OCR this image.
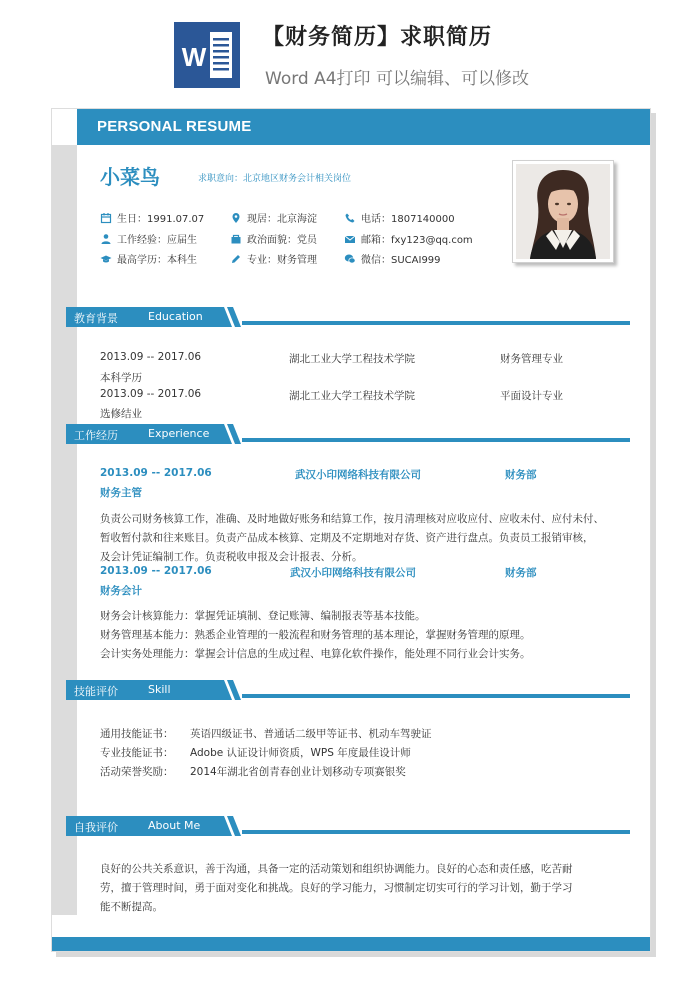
W
【财务简历】求职简历
Word A4打印 可以编辑、可以修改
PERSONAL RESUME
小菜鸟	求职意向：北京地区财务会计相关岗位
生日：1991.07.07	现居：北京海淀	电话：1807140000
工作经验：应届生	政治面貌：党员	邮箱：fxy123@qq.com
最高学历：本科生	专业：财务管理	微信：SUCAI999
教育背景	Education
2013.09 -- 2017.06	湖北工业大学工程技术学院	财务管理专业
本科学历
2013.09 -- 2017.06	湖北工业大学工程技术学院	平面设计专业
选修结业
工作经历	Experience
2013.09 -- 2017.06	武汉小印网络科技有限公司	财务部
财务主管
负责公司财务核算工作，准确、及时地做好账务和结算工作，按月清理核对应收应付、应收未付、应付未付、
暂收暂付款和往来账目。负责产品成本核算、定期及不定期地对存货、资产进行盘点。负责员工报销审核，
及会计凭证编制工作。负责税收申报及会计报表、分析。
2013.09 -- 2017.06	武汉小印网络科技有限公司	财务部
财务会计
财务会计核算能力：掌握凭证填制、登记账簿、编制报表等基本技能。
财务管理基本能力：熟悉企业管理的一般流程和财务管理的基本理论，掌握财务管理的原理。
会计实务处理能力：掌握会计信息的生成过程、电算化软件操作，能处理不同行业会计实务。
技能评价	Skill
通用技能证书： 英语四级证书、普通话二级甲等证书、机动车驾驶证
专业技能证书： Adobe 认证设计师资质，WPS 年度最佳设计师
活动荣誉奖励： 2014年湖北省创青春创业计划移动专项赛银奖
自我评价	About Me
良好的公共关系意识，善于沟通，具备一定的活动策划和组织协调能力。良好的心态和责任感，吃苦耐
劳，擅于管理时间，勇于面对变化和挑战。良好的学习能力，习惯制定切实可行的学习计划，勤于学习
能不断提高。
